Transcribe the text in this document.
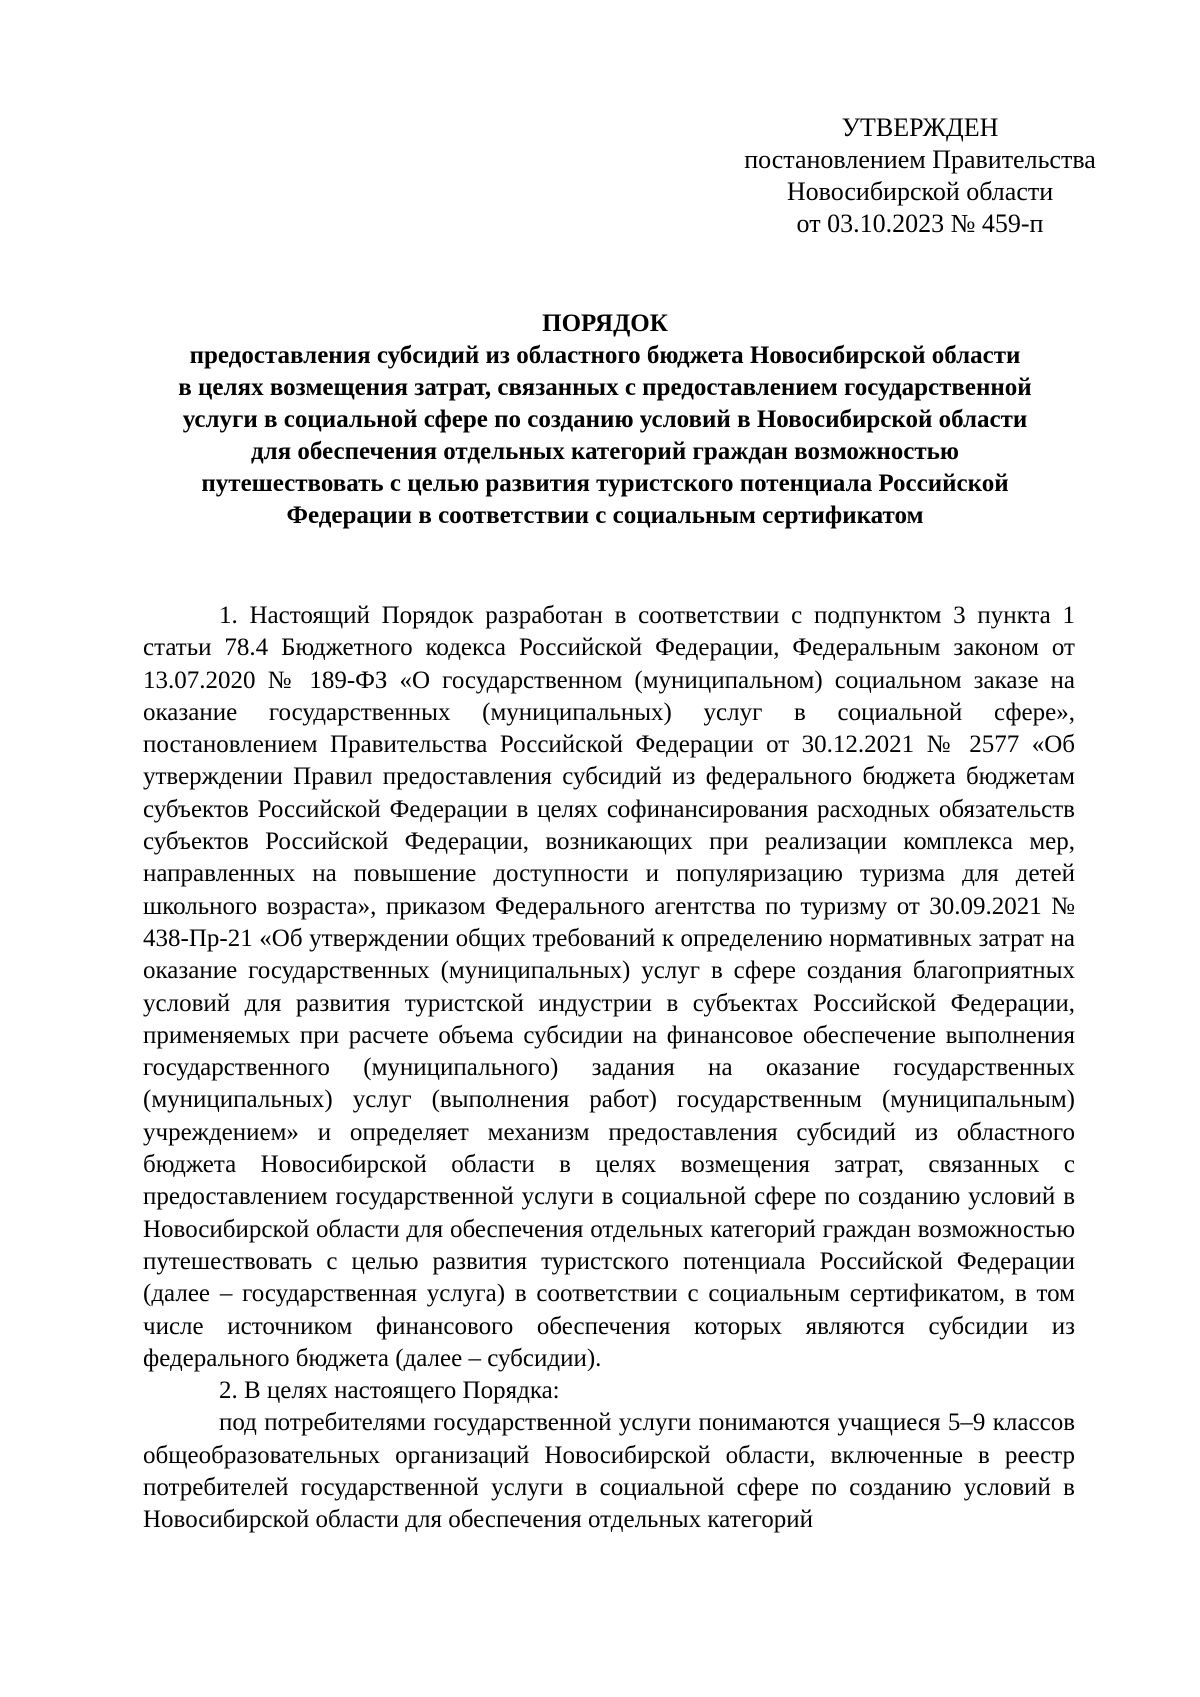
УТВЕРЖДЕН
постановлением Правительства
Новосибирской области
от 03.10.2023 № 459-п
ПОРЯДОК
предоставления субсидий из областного бюджета Новосибирской области
в целях возмещения затрат, связанных с предоставлением государственной
услуги в социальной сфере по созданию условий в Новосибирской области
для обеспечения отдельных категорий граждан возможностью
путешествовать с целью развития туристского потенциала Российской
Федерации в соответствии с социальным сертификатом

1. Настоящий Порядок разработан в соответствии с подпунктом 3 пункта 1 статьи 78.4 Бюджетного кодекса Российской Федерации, Федеральным законом от 13.07.2020 № 189-ФЗ «О государственном (муниципальном) социальном заказе на оказание государственных (муниципальных) услуг в социальной сфере», постановлением Правительства Российской Федерации от 30.12.2021 № 2577 «Об утверждении Правил предоставления субсидий из федерального бюджета бюджетам субъектов Российской Федерации в целях софинансирования расходных обязательств субъектов Российской Федерации, возникающих при реализации комплекса мер, направленных на повышение доступности и популяризацию туризма для детей школьного возраста», приказом Федерального агентства по туризму от 30.09.2021 № 438-Пр-21 «Об утверждении общих требований к определению нормативных затрат на оказание государственных (муниципальных) услуг в сфере создания благоприятных условий для развития туристской индустрии в субъектах Российской Федерации, применяемых при расчете объема субсидии на финансовое обеспечение выполнения государственного (муниципального) задания на оказание государственных (муниципальных) услуг (выполнения работ) государственным (муниципальным) учреждением» и определяет механизм предоставления субсидий из областного бюджета Новосибирской области в целях возмещения затрат, связанных с предоставлением государственной услуги в социальной сфере по созданию условий в Новосибирской области для обеспечения отдельных категорий граждан возможностью путешествовать с целью развития туристского потенциала Российской Федерации (далее – государственная услуга) в соответствии с социальным сертификатом, в том числе источником финансового обеспечения которых являются субсидии из федерального бюджета (далее – субсидии).

2. В целях настоящего Порядка:

под потребителями государственной услуги понимаются учащиеся 5–9 классов общеобразовательных организаций Новосибирской области, включенные в реестр потребителей государственной услуги в социальной сфере по созданию условий в Новосибирской области для обеспечения отдельных категорий
